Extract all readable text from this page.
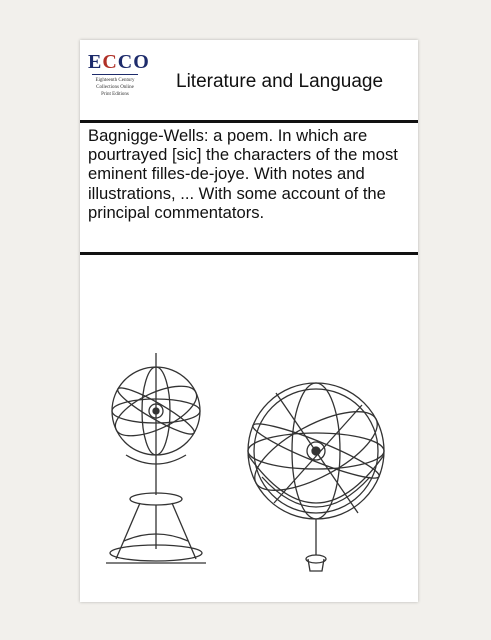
ECCO
Eighteenth Century
Collections Online
Print Editions
Literature and Language
Bagnigge-Wells: a poem. In which are pourtrayed [sic] the characters of the most eminent filles-de-joye. With notes and illustrations, ... With some account of the principal commentators.
